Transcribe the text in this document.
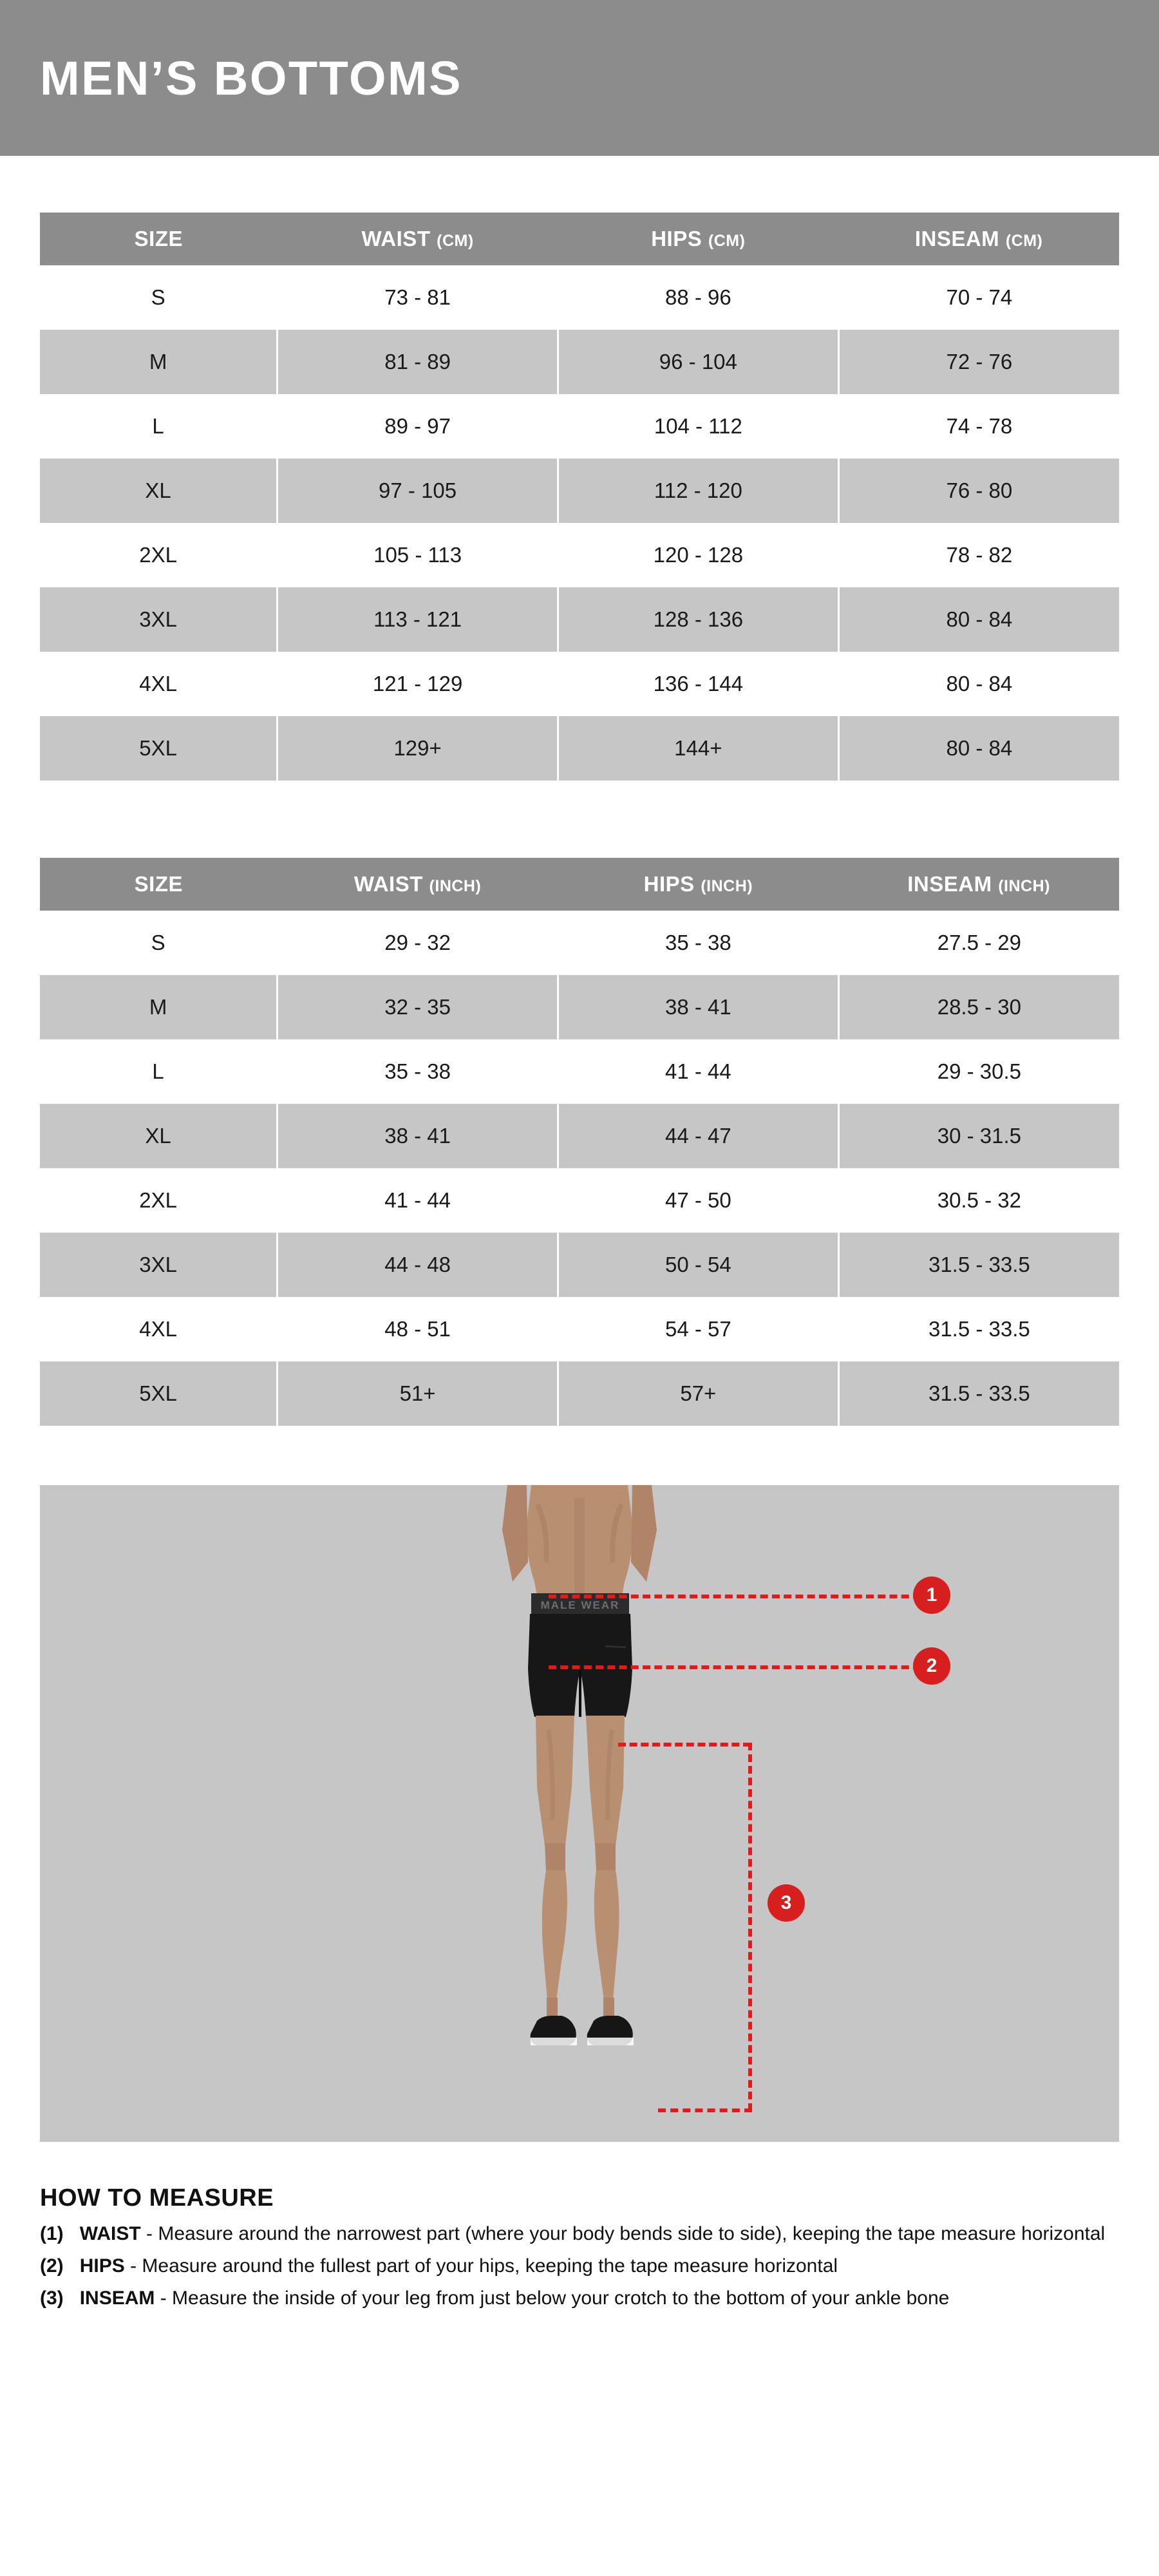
MEN’S BOTTOMS
SIZE	WAIST (CM)	HIPS (CM)	INSEAM (CM)
S	73 - 81	88 - 96	70 - 74
M	81 - 89	96 - 104	72 - 76
L	89 - 97	104 - 112	74 - 78
XL	97 - 105	112 - 120	76 - 80
2XL	105 - 113	120 - 128	78 - 82
3XL	113 - 121	128 - 136	80 - 84
4XL	121 - 129	136 - 144	80 - 84
5XL	129+	144+	80 - 84
SIZE	WAIST (INCH)	HIPS (INCH)	INSEAM (INCH)
S	29 - 32	35 - 38	27.5 - 29
M	32 - 35	38 - 41	28.5 - 30
L	35 - 38	41 - 44	29 - 30.5
XL	38 - 41	44 - 47	30 - 31.5
2XL	41 - 44	47 - 50	30.5 - 32
3XL	44 - 48	50 - 54	31.5 - 33.5
4XL	48 - 51	54 - 57	31.5 - 33.5
5XL	51+	57+	31.5 - 33.5
MALE WEAR	1
2
3
HOW TO MEASURE

(1) WAIST - Measure around the narrowest part (where your body bends side to side), keeping the tape measure horizontal

(2) HIPS - Measure around the fullest part of your hips, keeping the tape measure horizontal

(3) INSEAM - Measure the inside of your leg from just below your crotch to the bottom of your ankle bone
